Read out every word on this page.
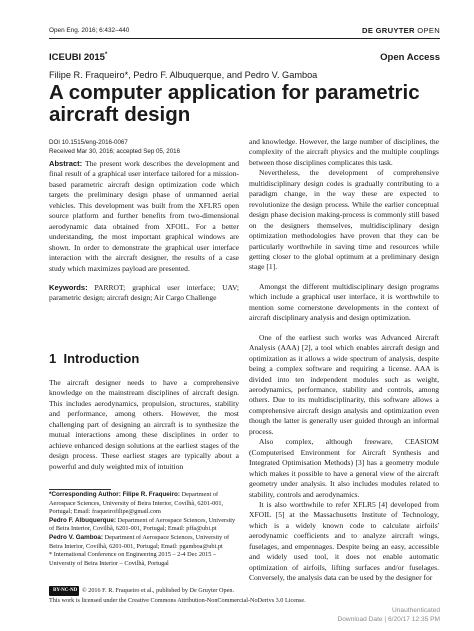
Open Eng. 2016; 6:432–440	DE GRUYTER OPEN
ICEUBI 2015*	Open Access
Filipe R. Fraqueiro*, Pedro F. Albuquerque, and Pedro V. Gamboa
A computer application for parametric aircraft design
DOI 10.1515/eng-2016-0067
Received Mar 30, 2016; accepted Sep 05, 2016

Abstract: The present work describes the development and final result of a graphical user interface tailored for a mission-based parametric aircraft design optimization code which targets the preliminary design phase of unmanned aerial vehicles. This development was built from the XFLR5 open source platform and further benefits from two-dimensional aerodynamic data obtained from XFOIL. For a better understanding, the most important graphical windows are shown. In order to demonstrate the graphical user interface interaction with the aircraft designer, the results of a case study which maximizes payload are presented.

Keywords: PARROT; graphical user interface; UAV; parametric design; aircraft design; Air Cargo Challenge

1 Introduction
The aircraft designer needs to have a comprehensive knowledge on the mainstream disciplines of aircraft design. This includes aerodynamics, propulsion, structures, stability and performance, among others. However, the most challenging part of designing an aircraft is to synthesize the mutual interactions among these disciplines in order to achieve enhanced design solutions at the earliest stages of the design process. These earliest stages are typically about a powerful and duly weighted mix of intuition

*Corresponding Author: Filipe R. Fraqueiro: Department of Aerospace Sciences, University of Beira Interior, Covilhã, 6201-001, Portugal; Email: fraqueirofilipe@gmail.com

Pedro F. Albuquerque: Department of Aerospace Sciences, University of Beira Interior, Covilhã, 6201-001, Portugal; Email: pffa@ubi.pt

Pedro V. Gamboa: Department of Aerospace Sciences, University of Beira Interior, Covilhã, 6201-001, Portugal; Email: pgamboa@ubi.pt

* International Conference on Engineering 2015 – 2-4 Dec 2015 – University of Beira Interior – Covilhã, Portugal

BY-NC-ND © 2016 F. R. Fraqueiro et al., published by De Gruyter Open.
This work is licensed under the Creative Commons Attribution-NonCommercial-NoDerivs 3.0 License.

and knowledge. However, the large number of disciplines, the complexity of the aircraft physics and the multiple couplings between those disciplines complicates this task.

Nevertheless, the development of comprehensive multidisciplinary design codes is gradually contributing to a paradigm change, in the way these are expected to revolutionize the design process. While the earlier conceptual design phase decision making-process is commonly still based on the designers themselves, multidisciplinary design optimization methodologies have proven that they can be particularly worthwhile in saving time and resources while getting closer to the global optimum at a preliminary design stage [1].

Amongst the different multidisciplinary design programs which include a graphical user interface, it is worthwhile to mention some cornerstone developments in the context of aircraft disciplinary analysis and design optimization.

One of the earliest such works was Advanced Aircraft Analysis (AAA) [2], a tool which enables aircraft design and optimization as it allows a wide spectrum of analysis, despite being a complex software and requiring a license. AAA is divided into ten independent modules such as weight, aerodynamics, performance, stability and controls, among others. Due to its multidisciplinarity, this software allows a comprehensive aircraft design analysis and optimization even though the latter is generally user guided through an informal process.

Also complex, although freeware, CEASIOM (Computerised Environment for Aircraft Synthesis and Integrated Optimisation Methods) [3] has a geometry module which makes it possible to have a general view of the aircraft geometry under analysis. It also includes modules related to stability, controls and aerodynamics.

It is also worthwhile to refer XFLR5 [4] developed from XFOIL [5] at the Massachusetts Institute of Technology, which is a widely known code to calculate airfoils' aerodynamic coefficients and to analyze aircraft wings, fuselages, and empennages. Despite being an easy, accessible and widely used tool, it does not enable automatic optimization of airfoils, lifting surfaces and/or fuselages. Conversely, the analysis data can be used by the designer for

Unauthenticated
Download Date | 6/20/17 12:35 PM
